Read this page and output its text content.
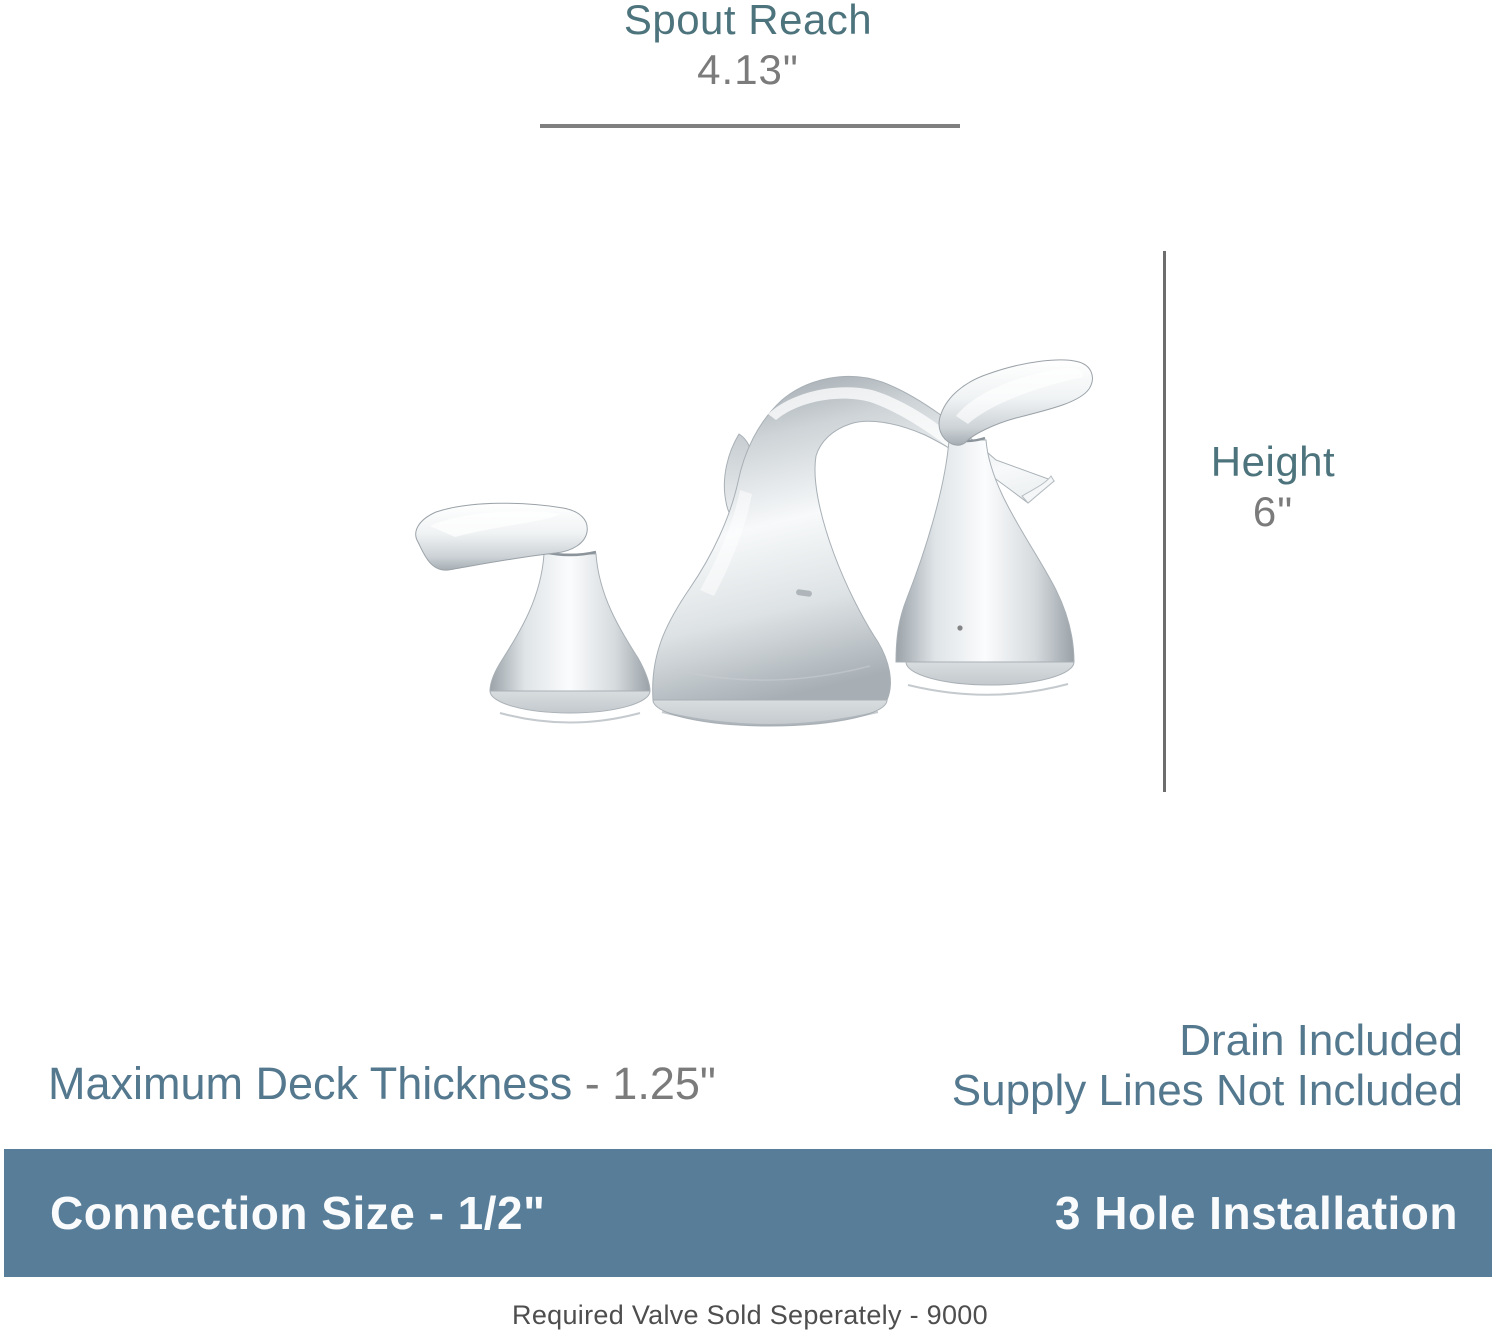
Spout Reach
4.13"
Height
6"
Maximum Deck Thickness - 1.25"
Drain Included
Supply Lines Not Included
Connection Size - 1/2"	3 Hole Installation
Required Valve Sold Seperately - 9000
